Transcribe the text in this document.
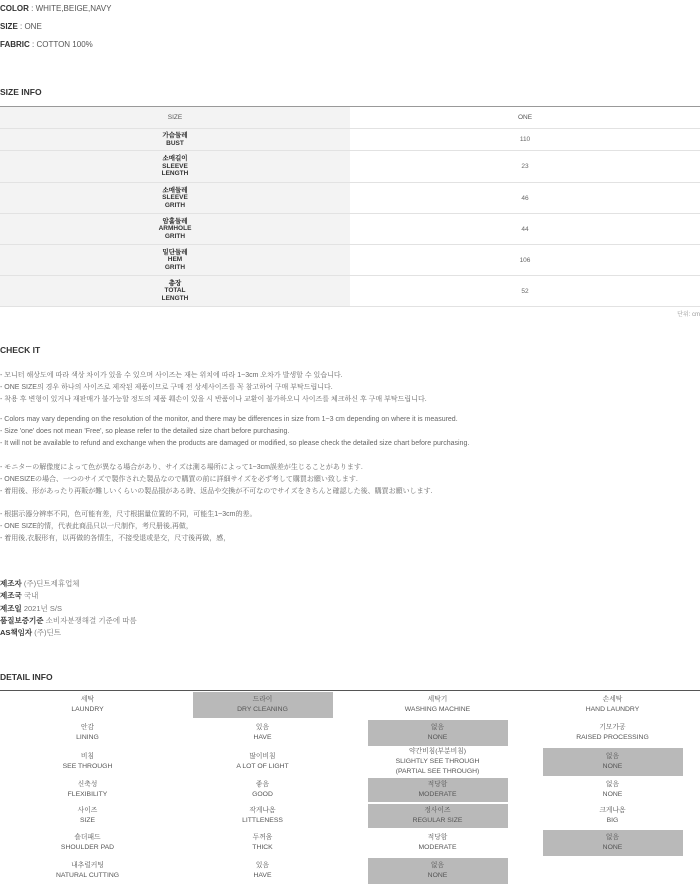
COLOR : WHITE,BEIGE,NAVY
SIZE : ONE
FABRIC : COTTON 100%
SIZE INFO
SIZE	ONE
가슴둘레
BUST	110
소매길이
SLEEVE
LENGTH
23
소매둘레
SLEEVE
GRITH
46
암홀둘레
ARMHOLE
GRITH
44
밑단둘레
HEM
GRITH
106
총장
TOTAL
LENGTH
52
단위: cm
CHECK IT
- 모니터 해상도에 따라 색상 차이가 있을 수 있으며 사이즈는 재는 위치에 따라 1~3cm 오차가 발생할 수 있습니다.
- ONE SIZE의 경우 하나의 사이즈로 제작된 제품이므로 구매 전 상세사이즈를 꼭 참고하여 구매 부탁드립니다.
- 착용 후 변형이 있거나 재판매가 불가능할 정도의 제품 훼손이 있을 시 반품이나 교환이 불가하오니 사이즈를 체크하신 후 구매 부탁드립니다.
- Colors may vary depending on the resolution of the monitor, and there may be differences in size from 1~3 cm depending on where it is measured.
- Size 'one' does not mean 'Free', so please refer to the detailed size chart before purchasing.
- It will not be available to refund and exchange when the products are damaged or modified, so please check the detailed size chart before purchasing.
- モニターの解像度によって色が異なる場合があり、サイズは測る場所によって1~3cm誤差が生じることがあります.
- ONESIZEの場合、一つのサイズで製作された製品なので購買の前に詳細サイズを必ず考して購買お願い致します.
- 着用後、形があったり再販が難しいくらいの製品損がある時、返品や交換が不可なのでサイズをきちんと確認した後、購買お願いします.
- 根据示器分辨率不同，色可能有差，尺寸根据量位置的不同，可能生1~3cm的差。
- ONE SIZE的情，代表此商品只以一尺制作，考尺册後,再做，
- 着用後,衣服形有，以再做的各情生，不接受退或是交，尺寸後再做，感，
제조자 (주)딘트제휴업체
제조국 국내
제조일 2021년 S/S
품질보증기준 소비자분쟁해결 기준에 따름
AS책임자 (주)딘트
DETAIL INFO
세탁
LAUNDRY
드라이
DRY CLEANING
세탁기
WASHING MACHINE
손세탁
HAND LAUNDRY
안감
LINING
있음
HAVE
없음
NONE
기모가공
RAISED PROCESSING
비침
SEE THROUGH
많이비침
A LOT OF LIGHT
약간비침(부분비침)
SLIGHTLY SEE THROUGH
(PARTIAL SEE THROUGH)
없음
NONE
신축성
FLEXIBILITY
좋음
GOOD
적당함
MODERATE
없음
NONE
사이즈
SIZE
작게나옴
LITTLENESS
정사이즈
REGULAR SIZE
크게나옴
BIG
숄더패드
SHOULDER PAD
두꺼움
THICK
적당함
MODERATE
없음
NONE
내추럴커팅
NATURAL CUTTING
있음
HAVE
없음
NONE
